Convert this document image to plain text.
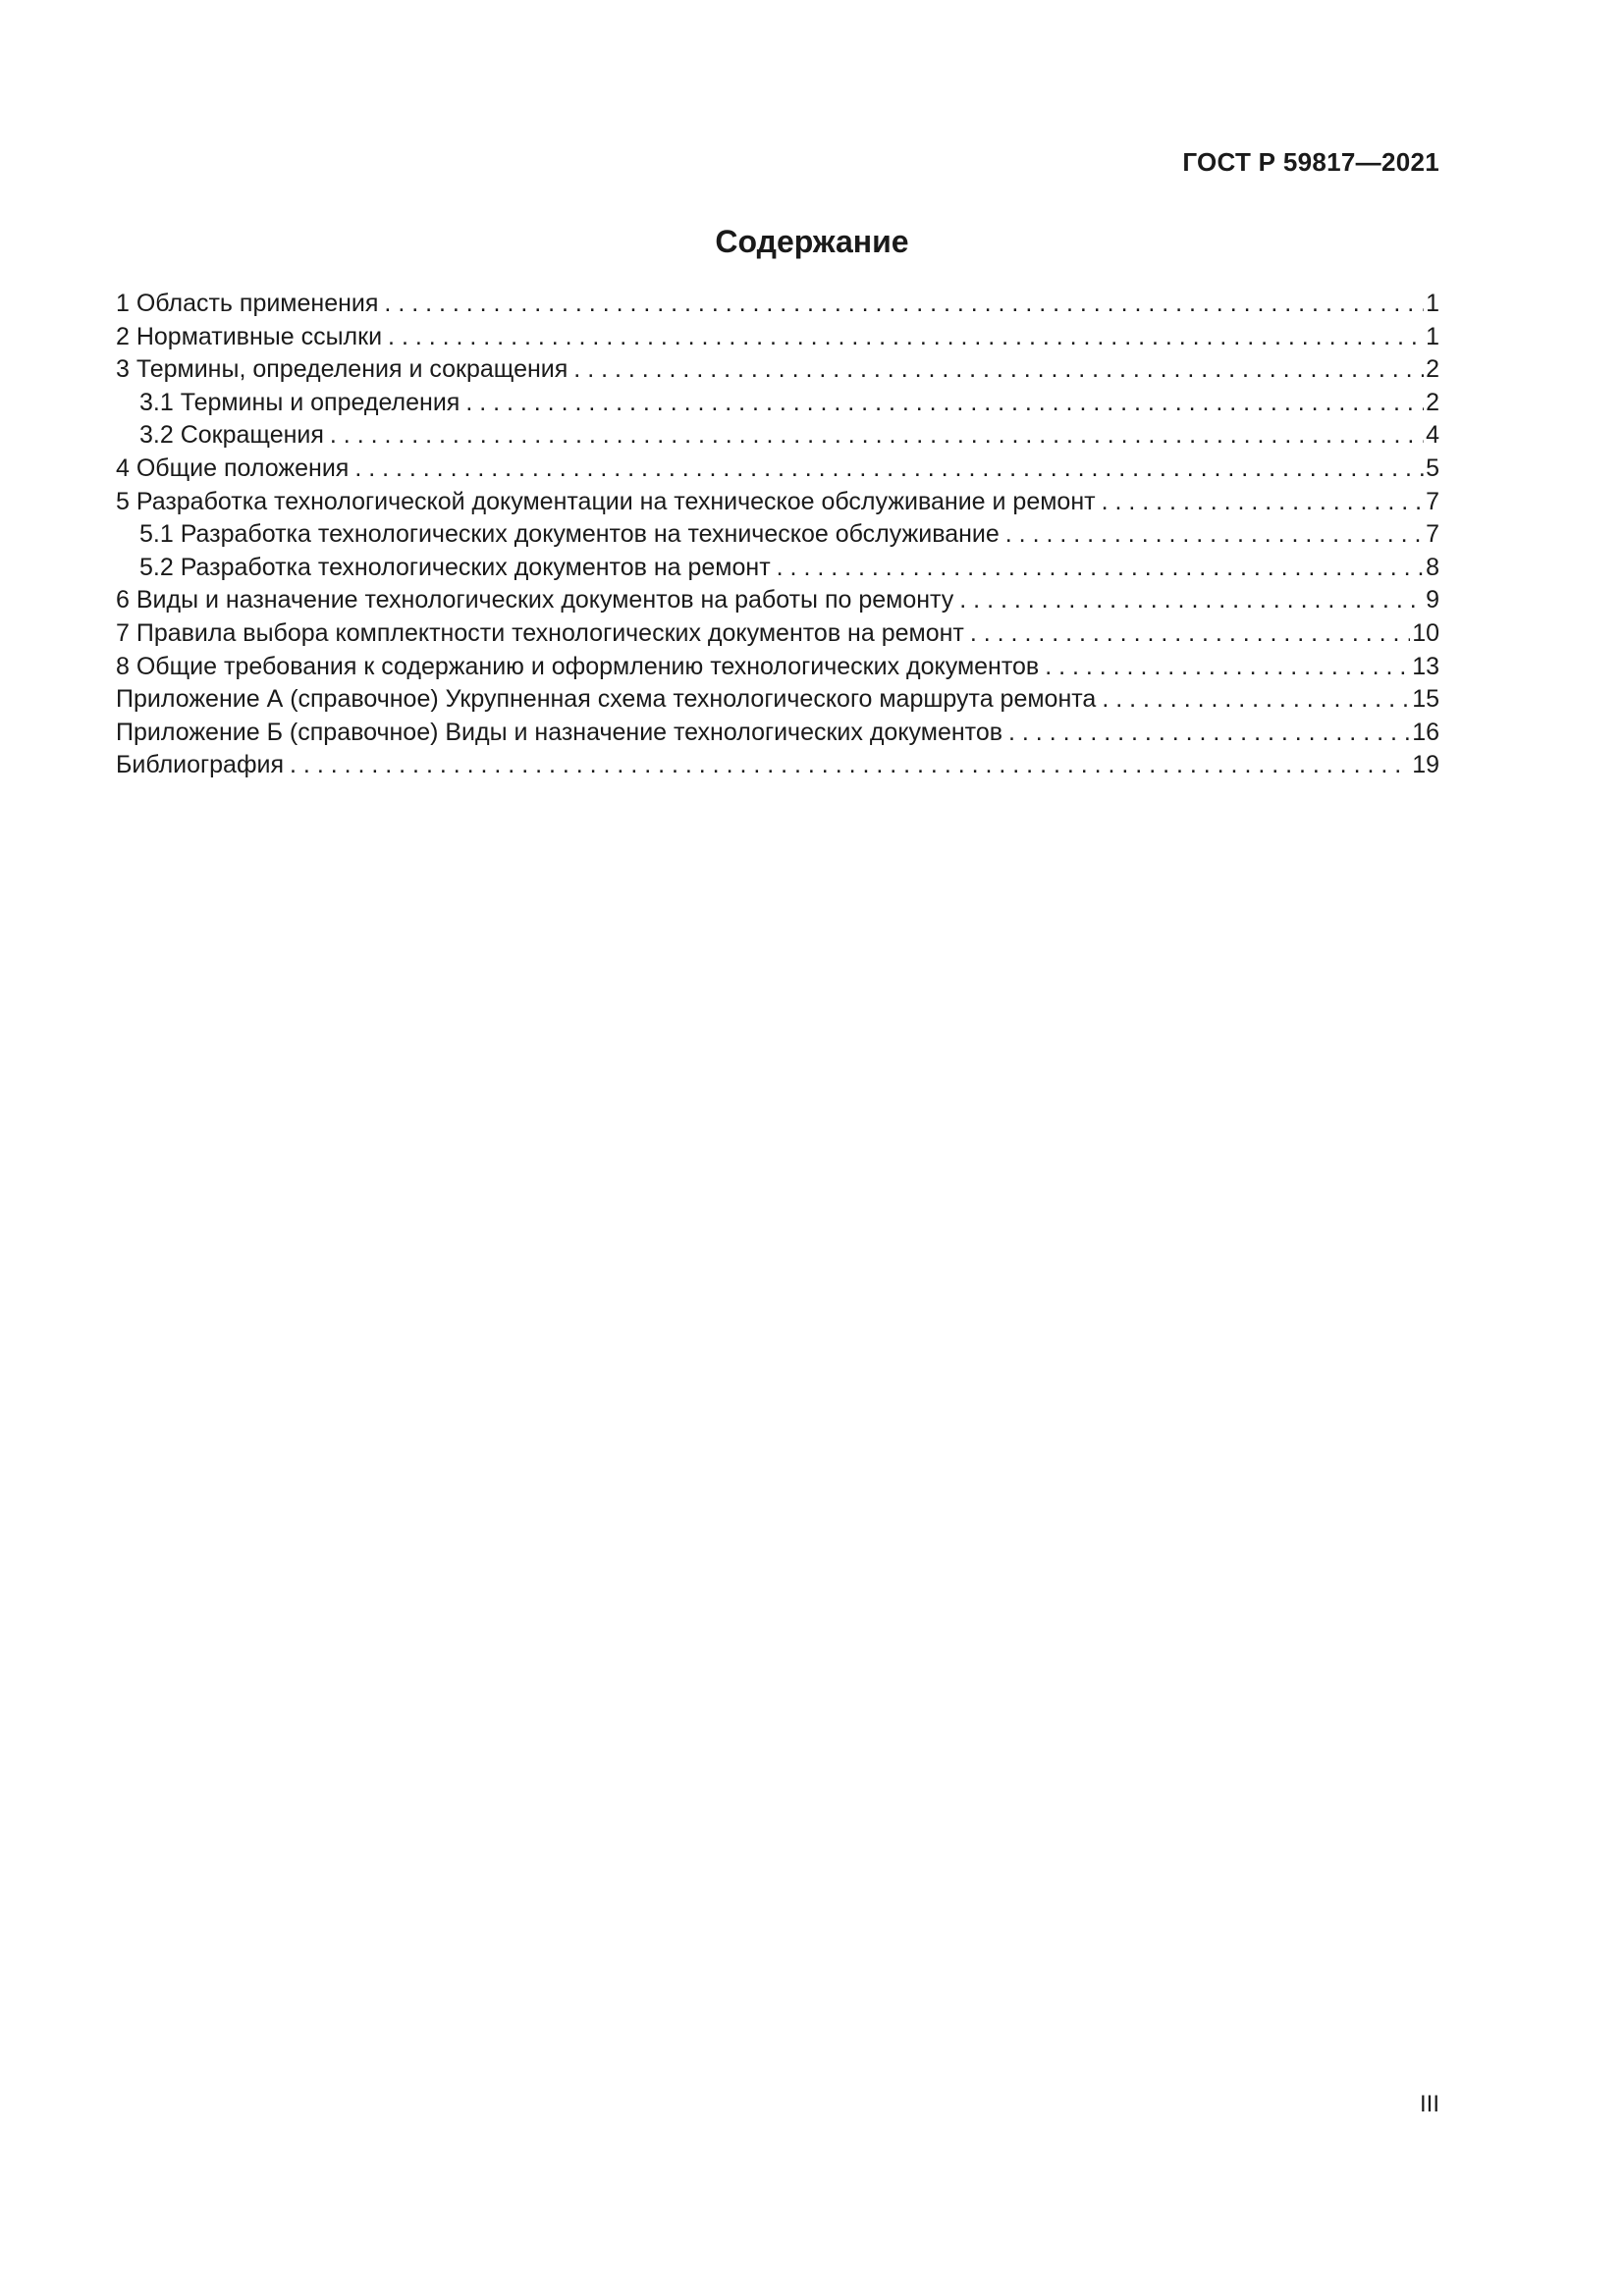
ГОСТ Р 59817—2021
Содержание
1 Область применения . . .	1
2 Нормативные ссылки . . .	1
3 Термины, определения и сокращения . . .	2
3.1 Термины и определения . . .	2
3.2 Сокращения . . .	4
4 Общие положения . . .	5
5 Разработка технологической документации на техническое обслуживание и ремонт . . .	7
5.1 Разработка технологических документов на техническое обслуживание . . .	7
5.2 Разработка технологических документов на ремонт . . .	8
6 Виды и назначение технологических документов на работы по ремонту . . .	9
7 Правила выбора комплектности технологических документов на ремонт . . .	10
8 Общие требования к содержанию и оформлению технологических документов . . .	13
Приложение А (справочное) Укрупненная схема технологического маршрута ремонта . . .	15
Приложение Б (справочное) Виды и назначение технологических документов . . .	16
Библиография . . .	19
III
